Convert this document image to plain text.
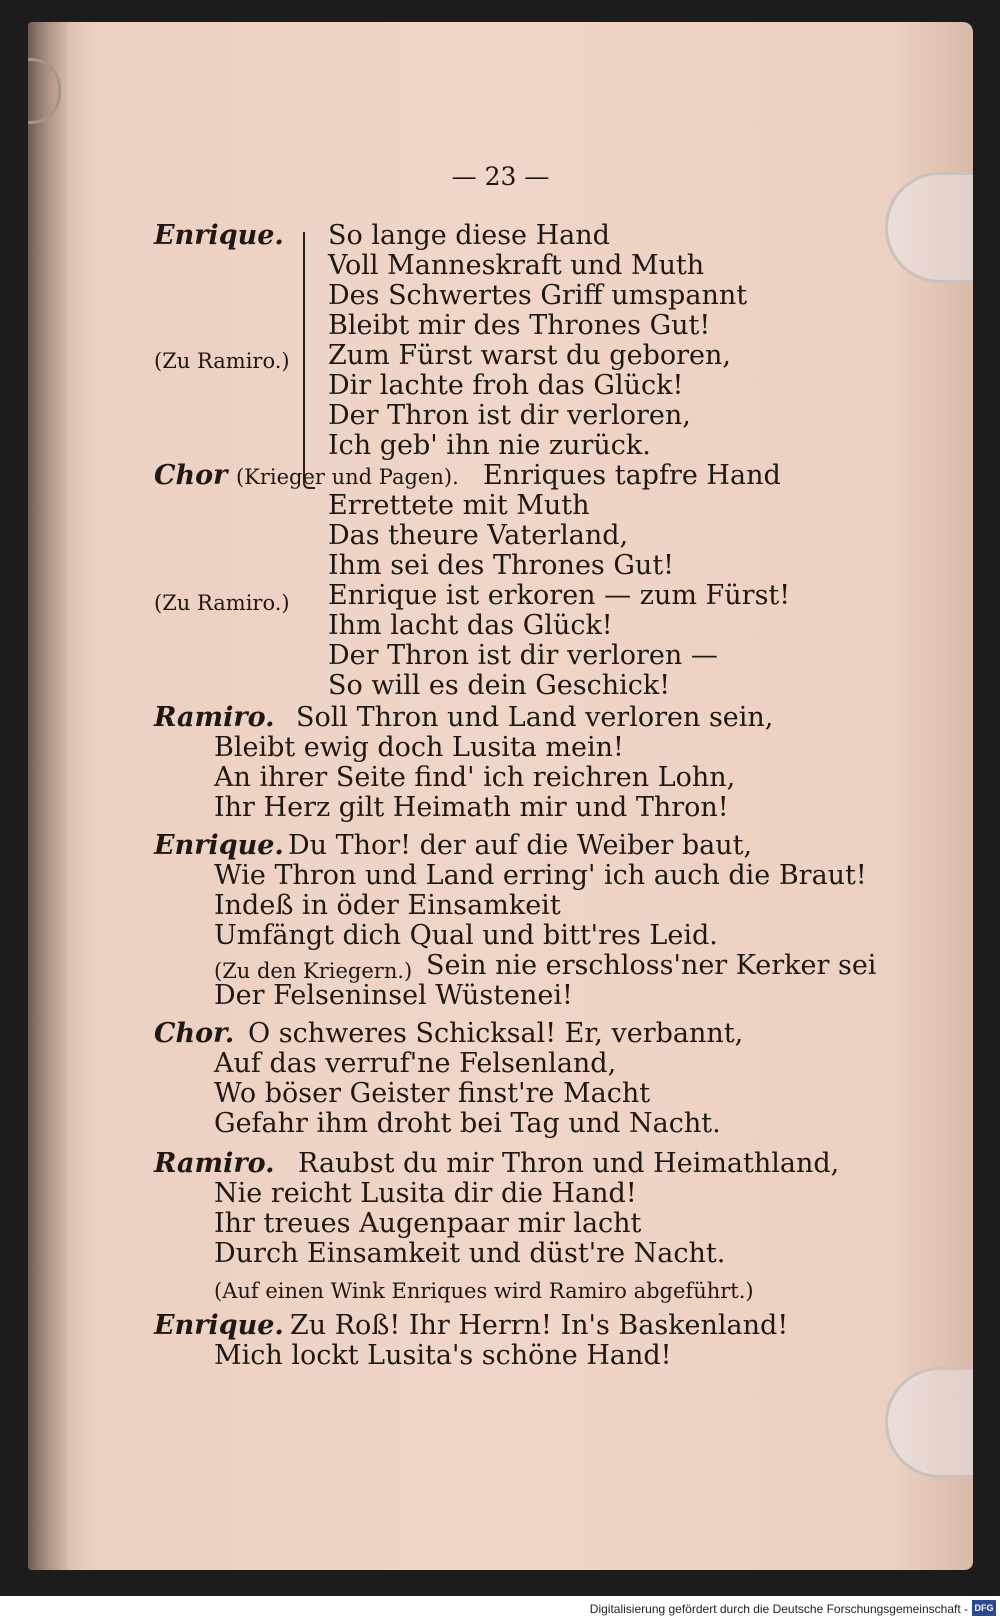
— 23 —
Enrique. So lange diese Hand
Voll Manneskraft und Muth
Des Schwertes Griff umspannt
Bleibt mir des Thrones Gut!
(Zu Ramiro.) Zum Fürst warst du geboren,
Dir lachte froh das Glück!
Der Thron ist dir verloren,
Ich geb' ihn nie zurück.
Chor (Krieger und Pagen). Enriques tapfre Hand
Errettete mit Muth
Das theure Vaterland,
Ihm sei des Thrones Gut!
(Zu Ramiro.) Enrique ist erkoren — zum Fürst!
Ihm lacht das Glück!
Der Thron ist dir verloren —
So will es dein Geschick!
Ramiro. Soll Thron und Land verloren sein,
Bleibt ewig doch Lusita mein!
An ihrer Seite find' ich reichren Lohn,
Ihr Herz gilt Heimath mir und Thron!
Enrique. Du Thor! der auf die Weiber baut,
Wie Thron und Land erring' ich auch die Braut!
Indeß in öder Einsamkeit
Umfängt dich Qual und bitt'res Leid.
(Zu den Kriegern.) Sein nie erschloss'ner Kerker sei
Der Felseninsel Wüstenei!
Chor. O schweres Schicksal! Er, verbannt,
Auf das verruf'ne Felsenland,
Wo böser Geister finst're Macht
Gefahr ihm droht bei Tag und Nacht.
Ramiro. Raubst du mir Thron und Heimathland,
Nie reicht Lusita dir die Hand!
Ihr treues Augenpaar mir lacht
Durch Einsamkeit und düst're Nacht.
(Auf einen Wink Enriques wird Ramiro abgeführt.)
Enrique. Zu Roß! Ihr Herrn! In's Baskenland!
Mich lockt Lusita's schöne Hand!
Digitalisierung gefördert durch die Deutsche Forschungsgemeinschaft - DFG
